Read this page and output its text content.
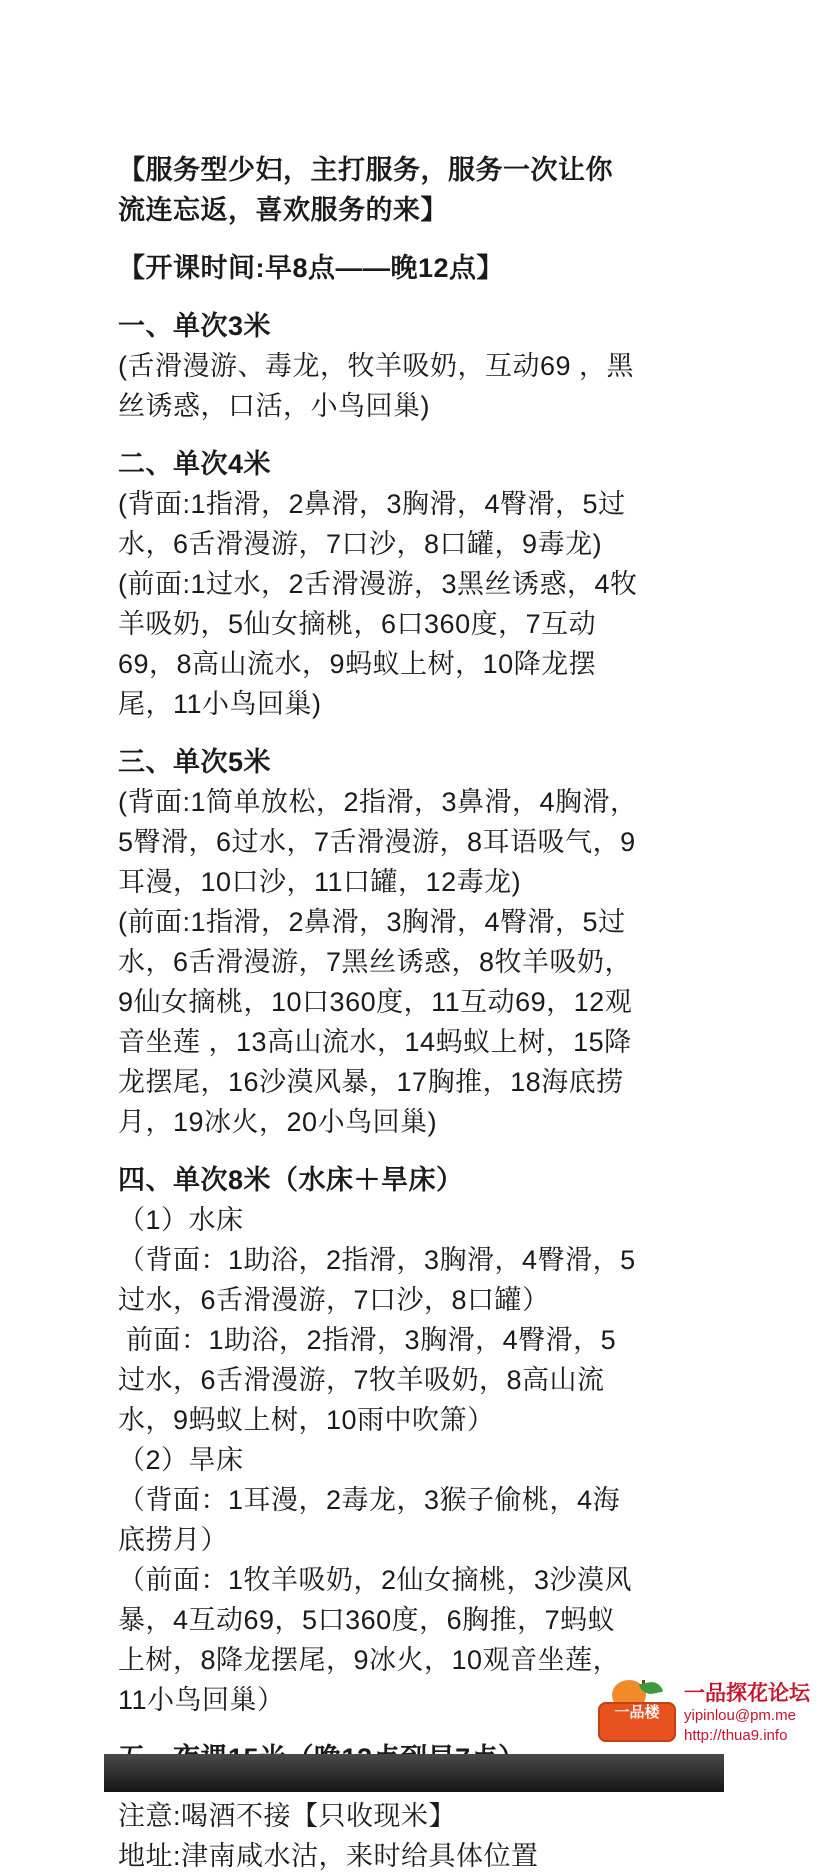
【服务型少妇，主打服务，服务一次让你流连忘返，喜欢服务的来】

【开课时间:早8点——晚12点】

一、单次3米

(舌滑漫游、毒龙，牧羊吸奶，互动69 ，黑丝诱惑，口活，小鸟回巢)

二、单次4米

(背面:1指滑，2鼻滑，3胸滑，4臀滑，5过水，6舌滑漫游，7口沙，8口罐，9毒龙)

(前面:1过水，2舌滑漫游，3黑丝诱惑，4牧羊吸奶，5仙女摘桃，6口360度，7互动69，8高山流水，9蚂蚁上树，10降龙摆尾，11小鸟回巢)

三、单次5米

(背面:1简单放松，2指滑，3鼻滑，4胸滑，5臀滑，6过水，7舌滑漫游，8耳语吸气，9耳漫，10口沙，11口罐，12毒龙)

(前面:1指滑，2鼻滑，3胸滑，4臀滑，5过水，6舌滑漫游，7黑丝诱惑，8牧羊吸奶，9仙女摘桃，10口360度，11互动69，12观音坐莲 ，13高山流水，14蚂蚁上树，15降龙摆尾，16沙漠风暴，17胸推，18海底捞月，19冰火，20小鸟回巢)

四、单次8米（水床＋旱床）

（1）水床

（背面：1助浴，2指滑，3胸滑，4臀滑，5过水，6舌滑漫游，7口沙，8口罐）

前面：1助浴，2指滑，3胸滑，4臀滑，5过水，6舌滑漫游，7牧羊吸奶，8高山流水，9蚂蚁上树，10雨中吹箫）

（2）旱床

（背面：1耳漫，2毒龙，3猴子偷桃，4海底捞月）

（前面：1牧羊吸奶，2仙女摘桃，3沙漠风暴，4互动69，5口360度，6胸推，7蚂蚁上树，8降龙摆尾，9冰火，10观音坐莲，11小鸟回巢）

注意:喝酒不接【只收现米】

地址:津南咸水沽，来时给具体位置

一品楼
一品探花论坛
yipinlou@pm.me
http://thua9.info
